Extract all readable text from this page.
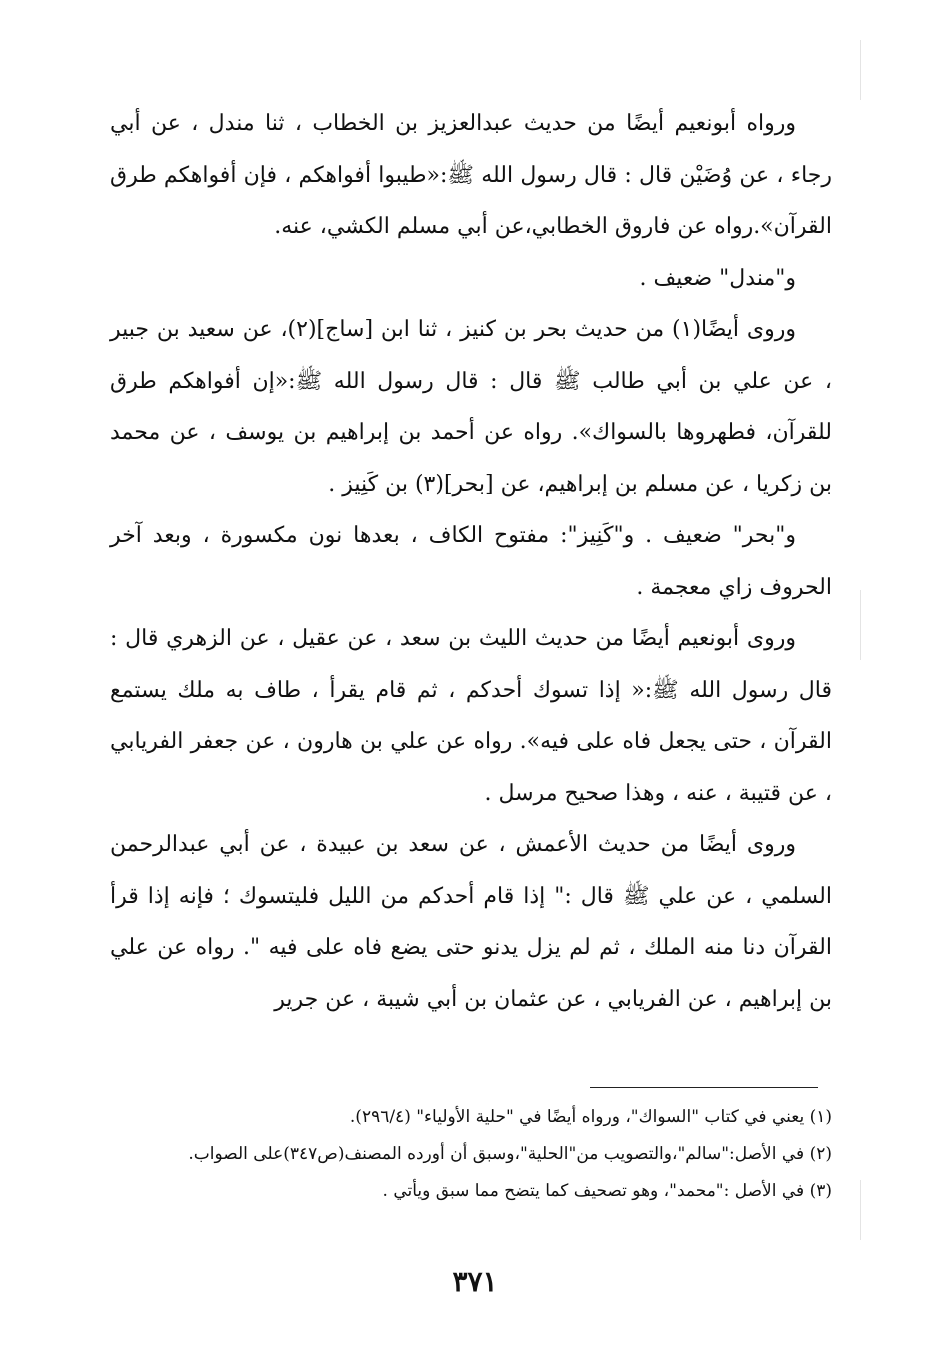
ورواه أبونعيم أيضًا من حديث عبدالعزيز بن الخطاب ، ثنا مندل ، عن أبي رجاء ، عن وُضَيْن قال : قال رسول الله ﷺ:«طيبوا أفواهكم ، فإن أفواهكم طرق القرآن».رواه عن فاروق الخطابي،عن أبي مسلم الكشي، عنه.

و"مندل" ضعيف .

وروى أيضًا(١) من حديث بحر بن كنيز ، ثنا ابن [ساج](٢)، عن سعيد بن جبير ، عن علي بن أبي طالب ﷺ قال : قال رسول الله ﷺ:«إن أفواهكم طرق للقرآن، فطهروها بالسواك». رواه عن أحمد بن إبراهيم بن يوسف ، عن محمد بن زكريا ، عن مسلم بن إبراهيم، عن [بحر](٣) بن كَنِيز .

و"بحر" ضعيف . و"كَنِيز": مفتوح الكاف ، بعدها نون مكسورة ، وبعد آخر الحروف زاي معجمة .

وروى أبونعيم أيضًا من حديث الليث بن سعد ، عن عقيل ، عن الزهري قال : قال رسول الله ﷺ:« إذا تسوك أحدكم ، ثم قام يقرأ ، طاف به ملك يستمع القرآن ، حتى يجعل فاه على فيه». رواه عن علي بن هارون ، عن جعفر الفريابي ، عن قتيبة ، عنه ، وهذا صحيح مرسل .

وروى أيضًا من حديث الأعمش ، عن سعد بن عبيدة ، عن أبي عبدالرحمن السلمي ، عن علي ﷺ قال :" إذا قام أحدكم من الليل فليتسوك ؛ فإنه إذا قرأ القرآن دنا منه الملك ، ثم لم يزل يدنو حتى يضع فاه على فيه ". رواه عن علي بن إبراهيم ، عن الفريابي ، عن عثمان بن أبي شيبة ، عن جرير

(١) يعني في كتاب "السواك"، ورواه أيضًا في "حلية الأولياء" (٢٩٦/٤).

(٢) في الأصل:"سالم"،والتصويب من"الحلية"،وسبق أن أورده المصنف(ص٣٤٧)على الصواب.

(٣) في الأصل :"محمد"، وهو تصحيف كما يتضح مما سبق ويأتي .

٣٧١
